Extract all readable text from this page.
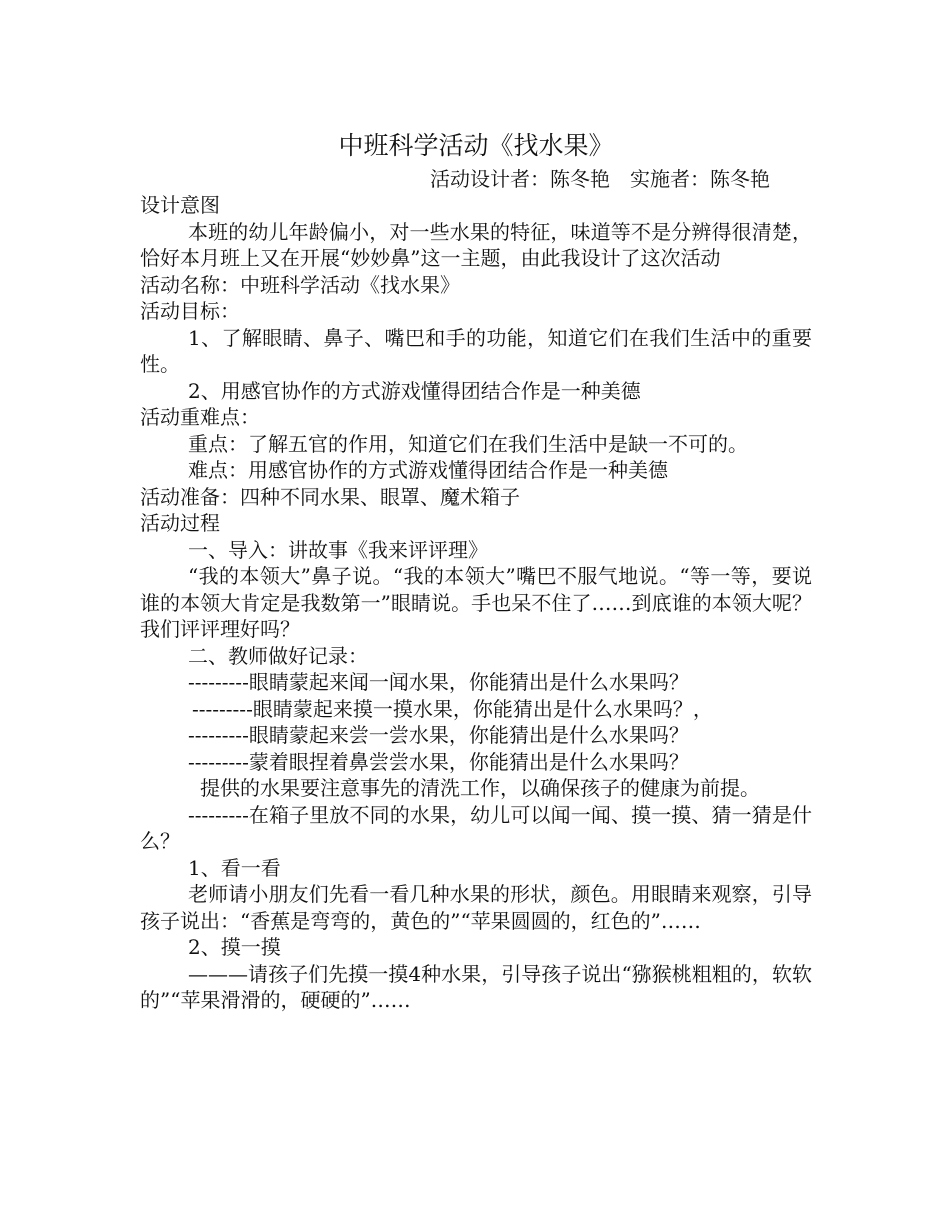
中班科学活动《找水果》
活动设计者：陈冬艳　实施者：陈冬艳

设计意图

本班的幼儿年龄偏小，对一些水果的特征，味道等不是分辨得很清楚，恰好本月班上又在开展“妙妙鼻”这一主题，由此我设计了这次活动

活动名称：中班科学活动《找水果》

活动目标：

1、了解眼睛、鼻子、嘴巴和手的功能，知道它们在我们生活中的重要性。

2、用感官协作的方式游戏懂得团结合作是一种美德

活动重难点：

重点：了解五官的作用，知道它们在我们生活中是缺一不可的。

难点：用感官协作的方式游戏懂得团结合作是一种美德

活动准备：四种不同水果、眼罩、魔术箱子

活动过程

一、导入：讲故事《我来评评理》

“我的本领大”鼻子说。“我的本领大”嘴巴不服气地说。“等一等，要说谁的本领大肯定是我数第一”眼睛说。手也呆不住了……到底谁的本领大呢？我们评评理好吗？

二、教师做好记录：

---------眼睛蒙起来闻一闻水果，你能猜出是什么水果吗？

---------眼睛蒙起来摸一摸水果，你能猜出是什么水果吗？，

---------眼睛蒙起来尝一尝水果，你能猜出是什么水果吗？

---------蒙着眼捏着鼻尝尝水果，你能猜出是什么水果吗？

提供的水果要注意事先的清洗工作，以确保孩子的健康为前提。

---------在箱子里放不同的水果，幼儿可以闻一闻、摸一摸、猜一猜是什么？

1、看一看

老师请小朋友们先看一看几种水果的形状，颜色。用眼睛来观察，引导孩子说出：“香蕉是弯弯的，黄色的”“苹果圆圆的，红色的”……

2、摸一摸

———请孩子们先摸一摸4种水果，引导孩子说出“猕猴桃粗粗的，软软的”“苹果滑滑的，硬硬的”……
